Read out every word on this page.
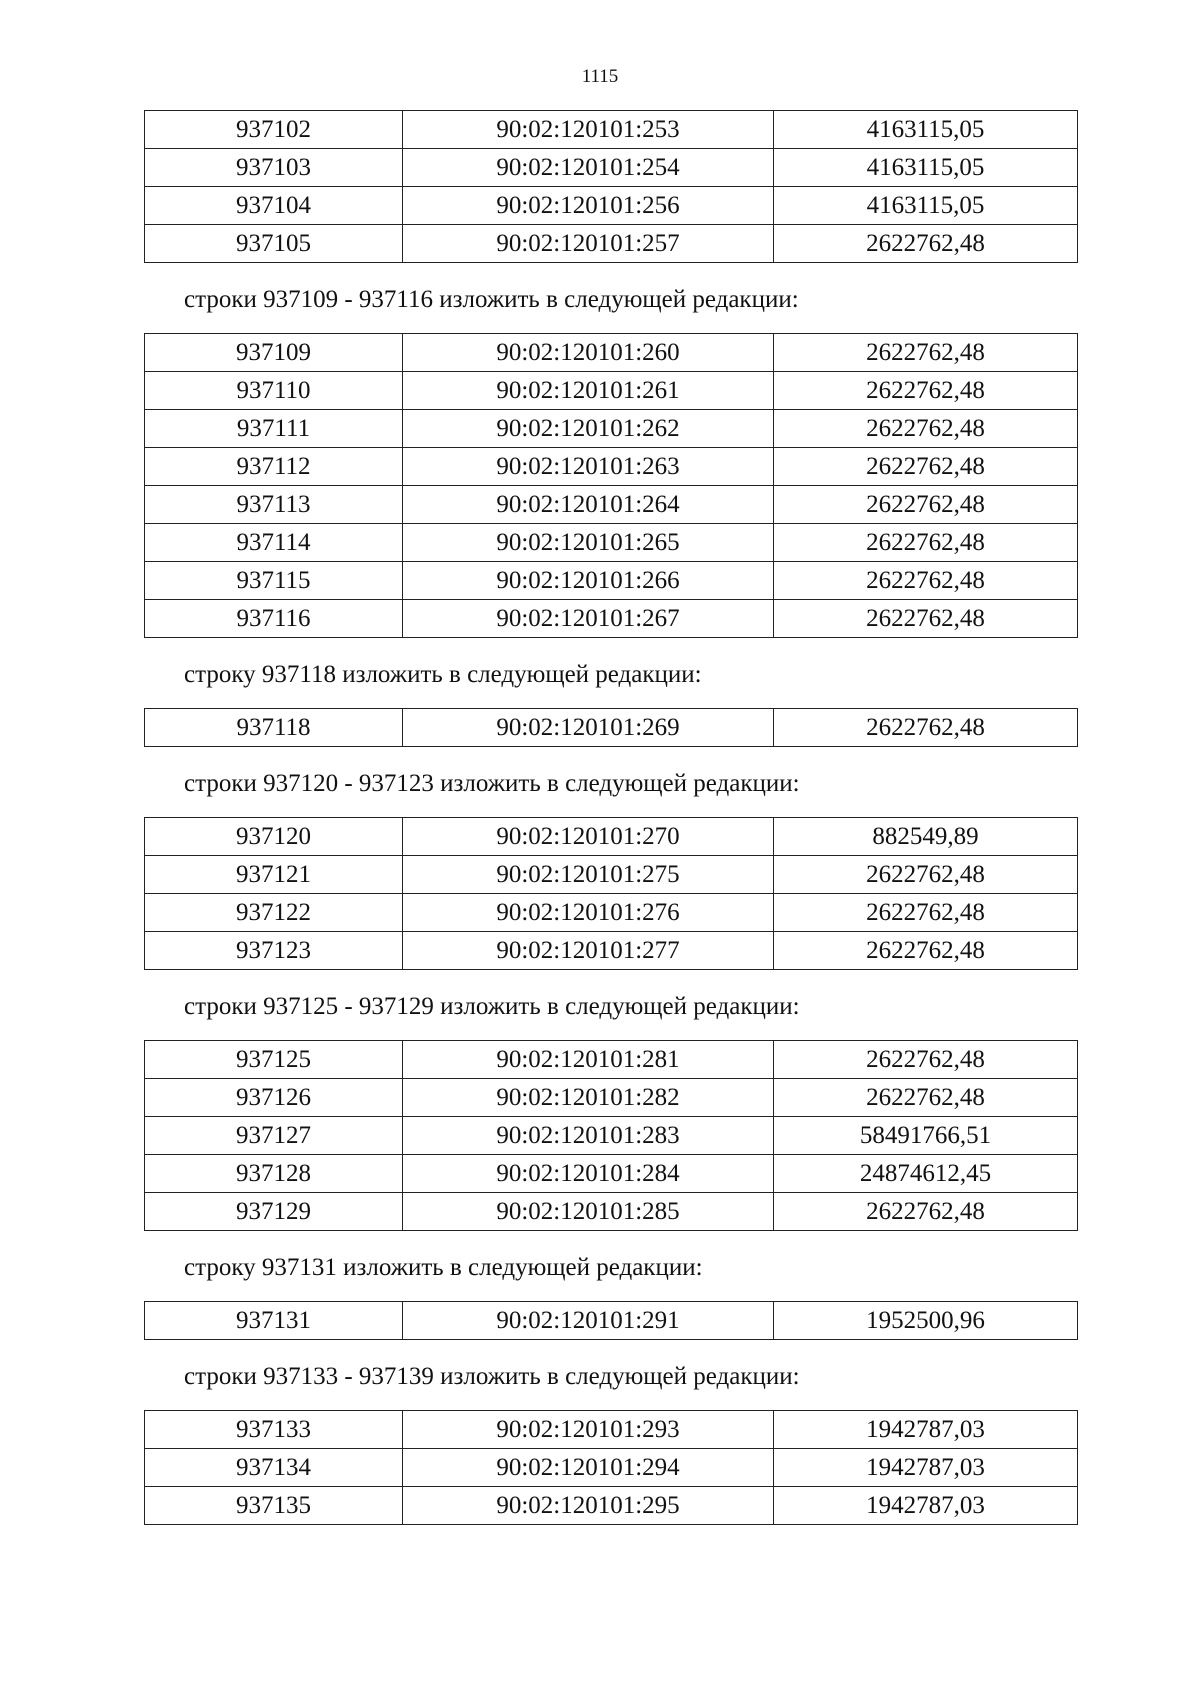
1115
937102	90:02:120101:253	4163115,05
937103	90:02:120101:254	4163115,05
937104	90:02:120101:256	4163115,05
937105	90:02:120101:257	2622762,48
строки 937109 - 937116 изложить в следующей редакции:
937109	90:02:120101:260	2622762,48
937110	90:02:120101:261	2622762,48
937111	90:02:120101:262	2622762,48
937112	90:02:120101:263	2622762,48
937113	90:02:120101:264	2622762,48
937114	90:02:120101:265	2622762,48
937115	90:02:120101:266	2622762,48
937116	90:02:120101:267	2622762,48
строку 937118 изложить в следующей редакции:
937118	90:02:120101:269	2622762,48
строки 937120 - 937123 изложить в следующей редакции:
937120	90:02:120101:270	882549,89
937121	90:02:120101:275	2622762,48
937122	90:02:120101:276	2622762,48
937123	90:02:120101:277	2622762,48
строки 937125 - 937129 изложить в следующей редакции:
937125	90:02:120101:281	2622762,48
937126	90:02:120101:282	2622762,48
937127	90:02:120101:283	58491766,51
937128	90:02:120101:284	24874612,45
937129	90:02:120101:285	2622762,48
строку 937131 изложить в следующей редакции:
937131	90:02:120101:291	1952500,96
строки 937133 - 937139 изложить в следующей редакции:
937133	90:02:120101:293	1942787,03
937134	90:02:120101:294	1942787,03
937135	90:02:120101:295	1942787,03
